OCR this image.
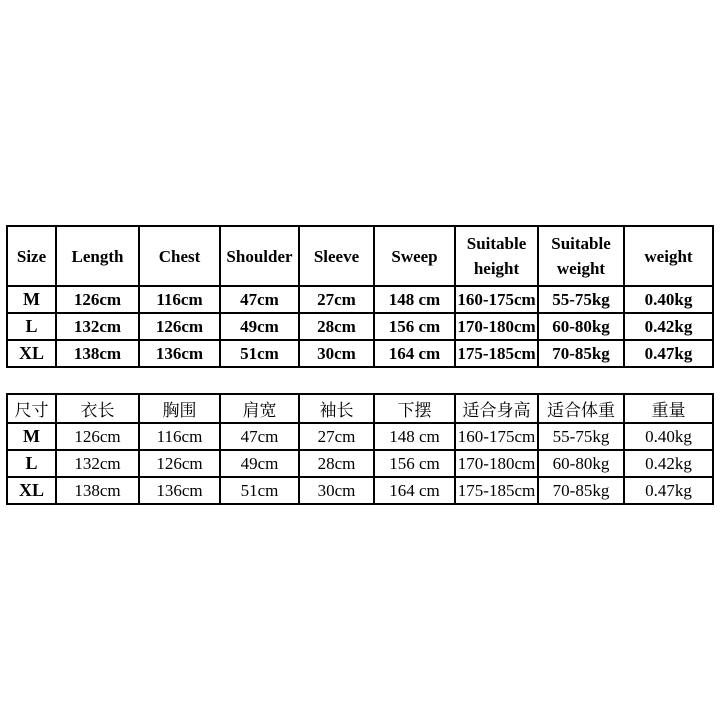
Size	Length	Chest	Shoulder	Sleeve	Sweep	Suitable height	Suitable weight	weight
M	126cm	116cm	47cm	27cm	148 cm	160-175cm	55-75kg	0.40kg
L	132cm	126cm	49cm	28cm	156 cm	170-180cm	60-80kg	0.42kg
XL	138cm	136cm	51cm	30cm	164 cm	175-185cm	70-85kg	0.47kg
尺寸	衣长	胸围	肩宽	袖长	下摆	适合身高	适合体重	重量
M	126cm	116cm	47cm	27cm	148 cm	160-175cm	55-75kg	0.40kg
L	132cm	126cm	49cm	28cm	156 cm	170-180cm	60-80kg	0.42kg
XL	138cm	136cm	51cm	30cm	164 cm	175-185cm	70-85kg	0.47kg
